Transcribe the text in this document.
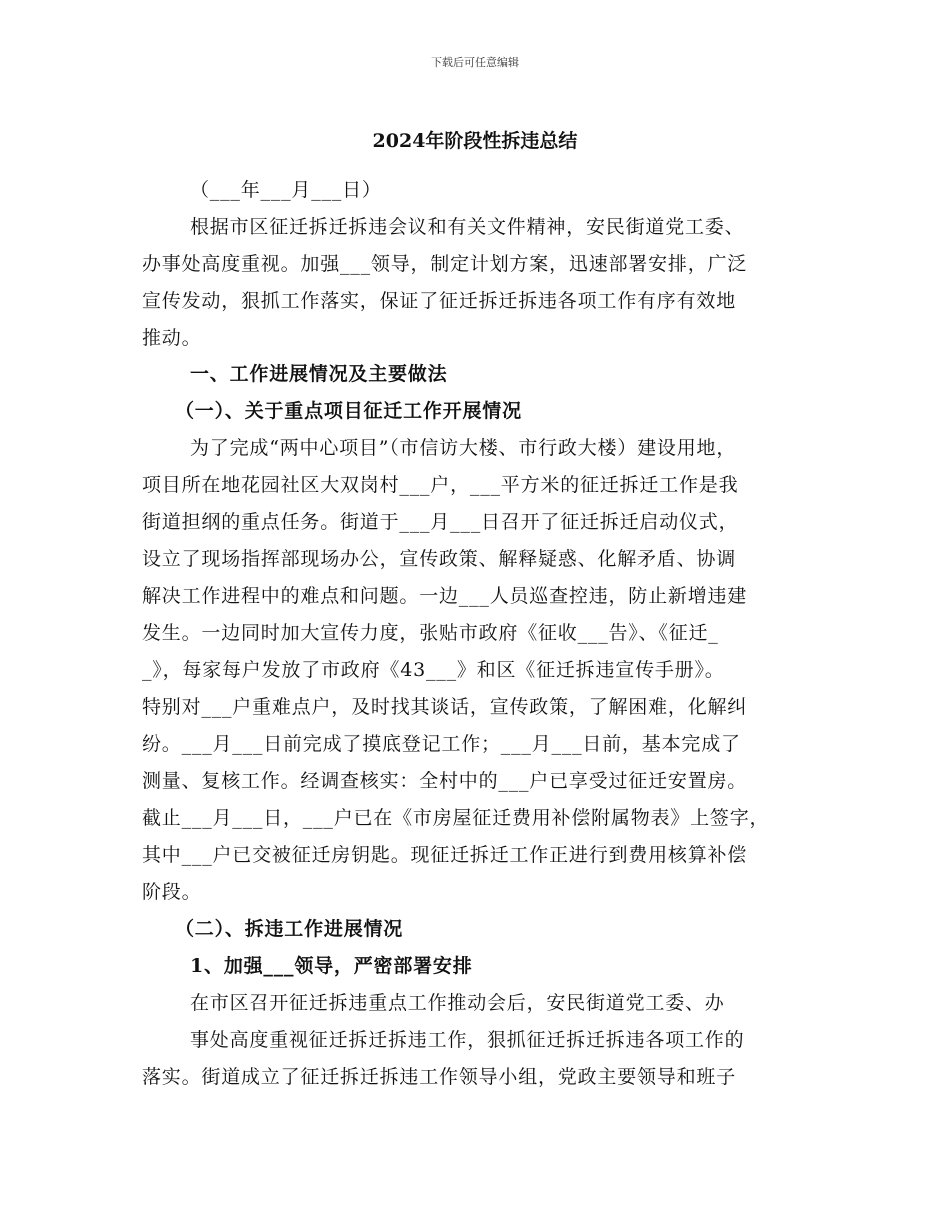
下载后可任意编辑
2024年阶段性拆违总结
（___年___月___日）
根据市区征迁拆迁拆违会议和有关文件精神，安民街道党工委、
办事处高度重视。加强___领导，制定计划方案，迅速部署安排，广泛
宣传发动，狠抓工作落实，保证了征迁拆迁拆违各项工作有序有效地
推动。
一、工作进展情况及主要做法
（一）、关于重点项目征迁工作开展情况
为了完成“两中心项目”（市信访大楼、市行政大楼）建设用地，
项目所在地花园社区大双岗村___户，___平方米的征迁拆迁工作是我
街道担纲的重点任务。街道于___月___日召开了征迁拆迁启动仪式，
设立了现场指挥部现场办公，宣传政策、解释疑惑、化解矛盾、协调
解决工作进程中的难点和问题。一边___人员巡查控违，防止新增违建
发生。一边同时加大宣传力度，张贴市政府《征收___告》、《征迁_
_》，每家每户发放了市政府《43___》和区《征迁拆违宣传手册》。
特别对___户重难点户，及时找其谈话，宣传政策，了解困难，化解纠
纷。___月___日前完成了摸底登记工作；___月___日前，基本完成了
测量、复核工作。经调查核实：全村中的___户已享受过征迁安置房。
截止___月___日，___户已在《市房屋征迁费用补偿附属物表》上签字，
其中___户已交被征迁房钥匙。现征迁拆迁工作正进行到费用核算补偿
阶段。
（二）、拆违工作进展情况
1、加强___领导，严密部署安排
在市区召开征迁拆违重点工作推动会后，安民街道党工委、办
事处高度重视征迁拆迁拆违工作，狠抓征迁拆迁拆违各项工作的
落实。街道成立了征迁拆迁拆违工作领导小组，党政主要领导和班子
